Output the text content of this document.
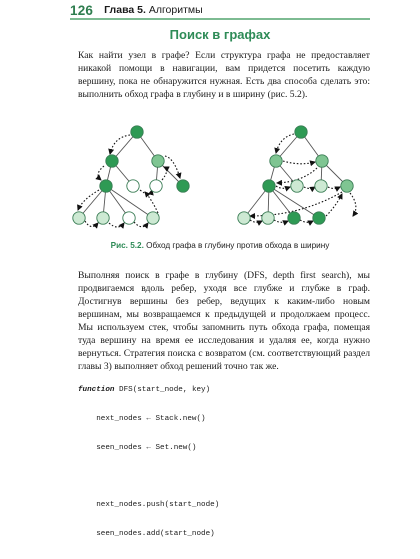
126 Глава 5. Алгоритмы
Поиск в графах
Как найти узел в графе? Если структура графа не предоставляет никакой помощи в навигации, вам придется посетить каждую вершину, пока не обнаружится нужная. Есть два способа сделать это: выполнить обход графа в глубину и в ширину (рис. 5.2).
Рис. 5.2. Обход графа в глубину против обхода в ширину
Выполняя поиск в графе в глубину (DFS, depth first search), мы продвигаемся вдоль ребер, уходя все глубже и глубже в граф. Достигнув вершины без ребер, ведущих к каким-либо новым вершинам, мы возвращаемся к предыдущей и продолжаем процесс. Мы используем стек, чтобы запомнить путь обхода графа, помещая туда вершину на время ее исследования и удаляя ее, когда нужно вернуться. Стратегия поиска с возвратом (см. соответствующий раздел главы 3) выполняет обход решений точно так же.

function DFS(start_node, key)

next_nodes ← Stack.new()

seen_nodes ← Set.new()

next_nodes.push(start_node)

seen_nodes.add(start_node)
